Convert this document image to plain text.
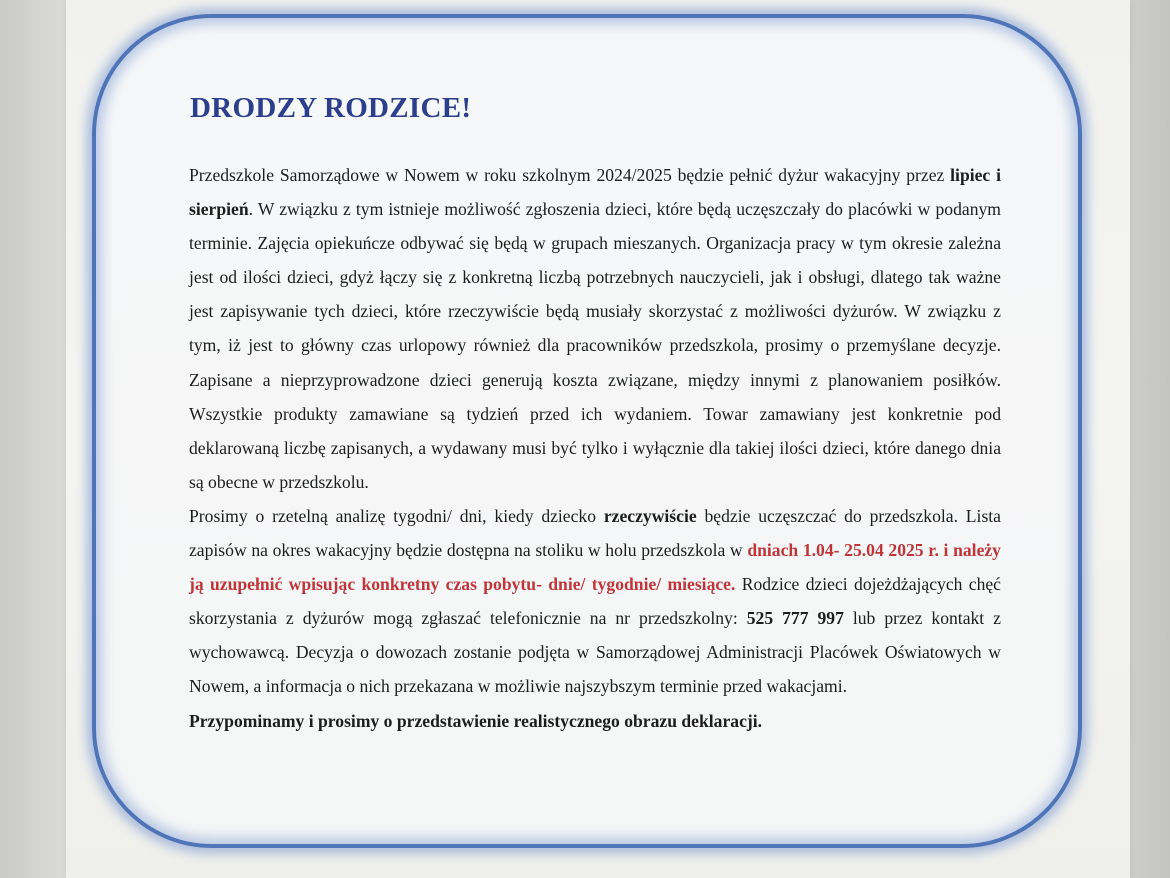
DRODZY RODZICE!

Przedszkole Samorządowe w Nowem w roku szkolnym 2024/2025 będzie pełnić dyżur wakacyjny przez lipiec i sierpień. W związku z tym istnieje możliwość zgłoszenia dzieci, które będą uczęszczały do placówki w podanym terminie. Zajęcia opiekuńcze odbywać się będą w grupach mieszanych. Organizacja pracy w tym okresie zależna jest od ilości dzieci, gdyż łączy się z konkretną liczbą potrzebnych nauczycieli, jak i obsługi, dlatego tak ważne jest zapisywanie tych dzieci, które rzeczywiście będą musiały skorzystać z możliwości dyżurów. W związku z tym, iż jest to główny czas urlopowy również dla pracowników przedszkola, prosimy o przemyślane decyzje. Zapisane a nieprzyprowadzone dzieci generują koszta związane, między innymi z planowaniem posiłków. Wszystkie produkty zamawiane są tydzień przed ich wydaniem. Towar zamawiany jest konkretnie pod deklarowaną liczbę zapisanych, a wydawany musi być tylko i wyłącznie dla takiej ilości dzieci, które danego dnia są obecne w przedszkolu.

Prosimy o rzetelną analizę tygodni/ dni, kiedy dziecko rzeczywiście będzie uczęszczać do przedszkola. Lista zapisów na okres wakacyjny będzie dostępna na stoliku w holu przedszkola w dniach 1.04- 25.04 2025 r. i należy ją uzupełnić wpisując konkretny czas pobytu- dnie/ tygodnie/ miesiące. Rodzice dzieci dojeżdżających chęć skorzystania z dyżurów mogą zgłaszać telefonicznie na nr przedszkolny: 525 777 997 lub przez kontakt z wychowawcą. Decyzja o dowozach zostanie podjęta w Samorządowej Administracji Placówek Oświatowych w Nowem, a informacja o nich przekazana w możliwie najszybszym terminie przed wakacjami.

Przypominamy i prosimy o przedstawienie realistycznego obrazu deklaracji.
